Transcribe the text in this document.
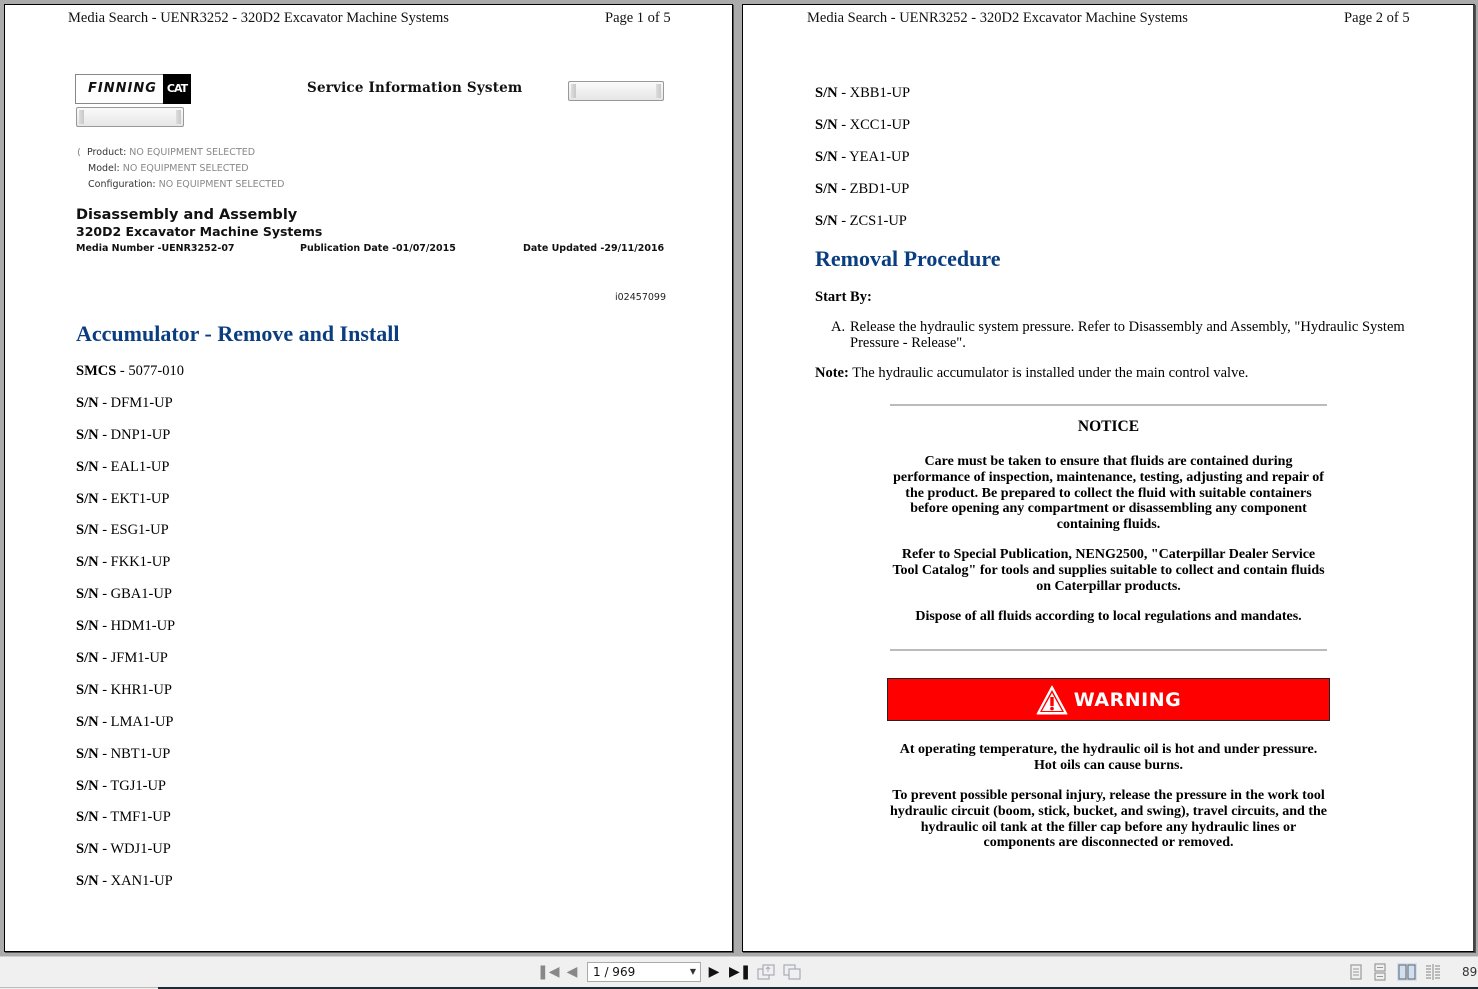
Media Search - UENR3252 - 320D2 Excavator Machine Systems	Page 1 of 5
FINNING CAT	Service Information System
⟨ Product: NO EQUIPMENT SELECTED
Model: NO EQUIPMENT SELECTED
Configuration: NO EQUIPMENT SELECTED
Disassembly and Assembly
320D2 Excavator Machine Systems
Media Number -UENR3252-07	Publication Date -01/07/2015	Date Updated -29/11/2016
i02457099
Accumulator - Remove and Install
SMCS - 5077-010
S/N - DFM1-UP
S/N - DNP1-UP
S/N - EAL1-UP
S/N - EKT1-UP
S/N - ESG1-UP
S/N - FKK1-UP
S/N - GBA1-UP
S/N - HDM1-UP
S/N - JFM1-UP
S/N - KHR1-UP
S/N - LMA1-UP
S/N - NBT1-UP
S/N - TGJ1-UP
S/N - TMF1-UP
S/N - WDJ1-UP
S/N - XAN1-UP
Media Search - UENR3252 - 320D2 Excavator Machine Systems	Page 2 of 5
S/N - XBB1-UP
S/N - XCC1-UP
S/N - YEA1-UP
S/N - ZBD1-UP
S/N - ZCS1-UP
Removal Procedure
Start By:
A. Release the hydraulic system pressure. Refer to Disassembly and Assembly, "Hydraulic System Pressure - Release".
Note: The hydraulic accumulator is installed under the main control valve.
NOTICE
Care must be taken to ensure that fluids are contained during performance of inspection, maintenance, testing, adjusting and repair of the product. Be prepared to collect the fluid with suitable containers before opening any compartment or disassembling any component containing fluids.
Refer to Special Publication, NENG2500, "Caterpillar Dealer Service Tool Catalog" for tools and supplies suitable to collect and contain fluids on Caterpillar products.
Dispose of all fluids according to local regulations and mandates.
WARNING
At operating temperature, the hydraulic oil is hot and under pressure. Hot oils can cause burns.
To prevent possible personal injury, release the pressure in the work tool hydraulic circuit (boom, stick, bucket, and swing), travel circuits, and the hydraulic oil tank at the filler cap before any hydraulic lines or components are disconnected or removed.
❚◀ ◀	1 / 969	▼ ▶ ▶❚	89
